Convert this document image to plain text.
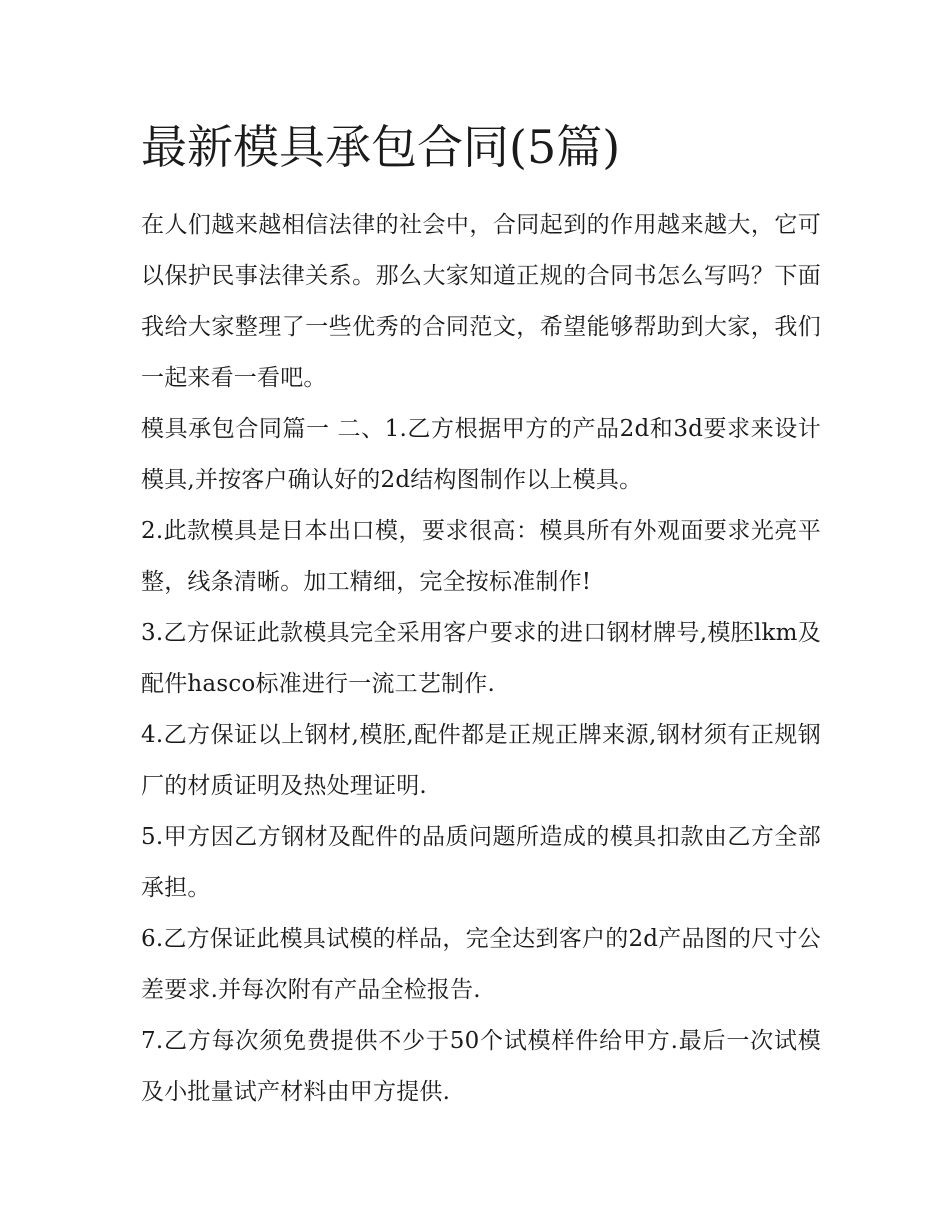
最新模具承包合同(5篇)

在人们越来越相信法律的社会中，合同起到的作用越来越大，它可以保护民事法律关系。那么大家知道正规的合同书怎么写吗？下面我给大家整理了一些优秀的合同范文，希望能够帮助到大家，我们一起来看一看吧。

模具承包合同篇一 二、1.乙方根据甲方的产品2d和3d要求来设计模具,并按客户确认好的2d结构图制作以上模具。

2.此款模具是日本出口模，要求很高：模具所有外观面要求光亮平整，线条清晰。加工精细，完全按标准制作!

3.乙方保证此款模具完全采用客户要求的进口钢材牌号,模胚lkm及配件hasco标准进行一流工艺制作.

4.乙方保证以上钢材,模胚,配件都是正规正牌来源,钢材须有正规钢厂的材质证明及热处理证明.

5.甲方因乙方钢材及配件的品质问题所造成的模具扣款由乙方全部承担。

6.乙方保证此模具试模的样品，完全达到客户的2d产品图的尺寸公差要求.并每次附有产品全检报告.

7.乙方每次须免费提供不少于50个试模样件给甲方.最后一次试模及小批量试产材料由甲方提供.
